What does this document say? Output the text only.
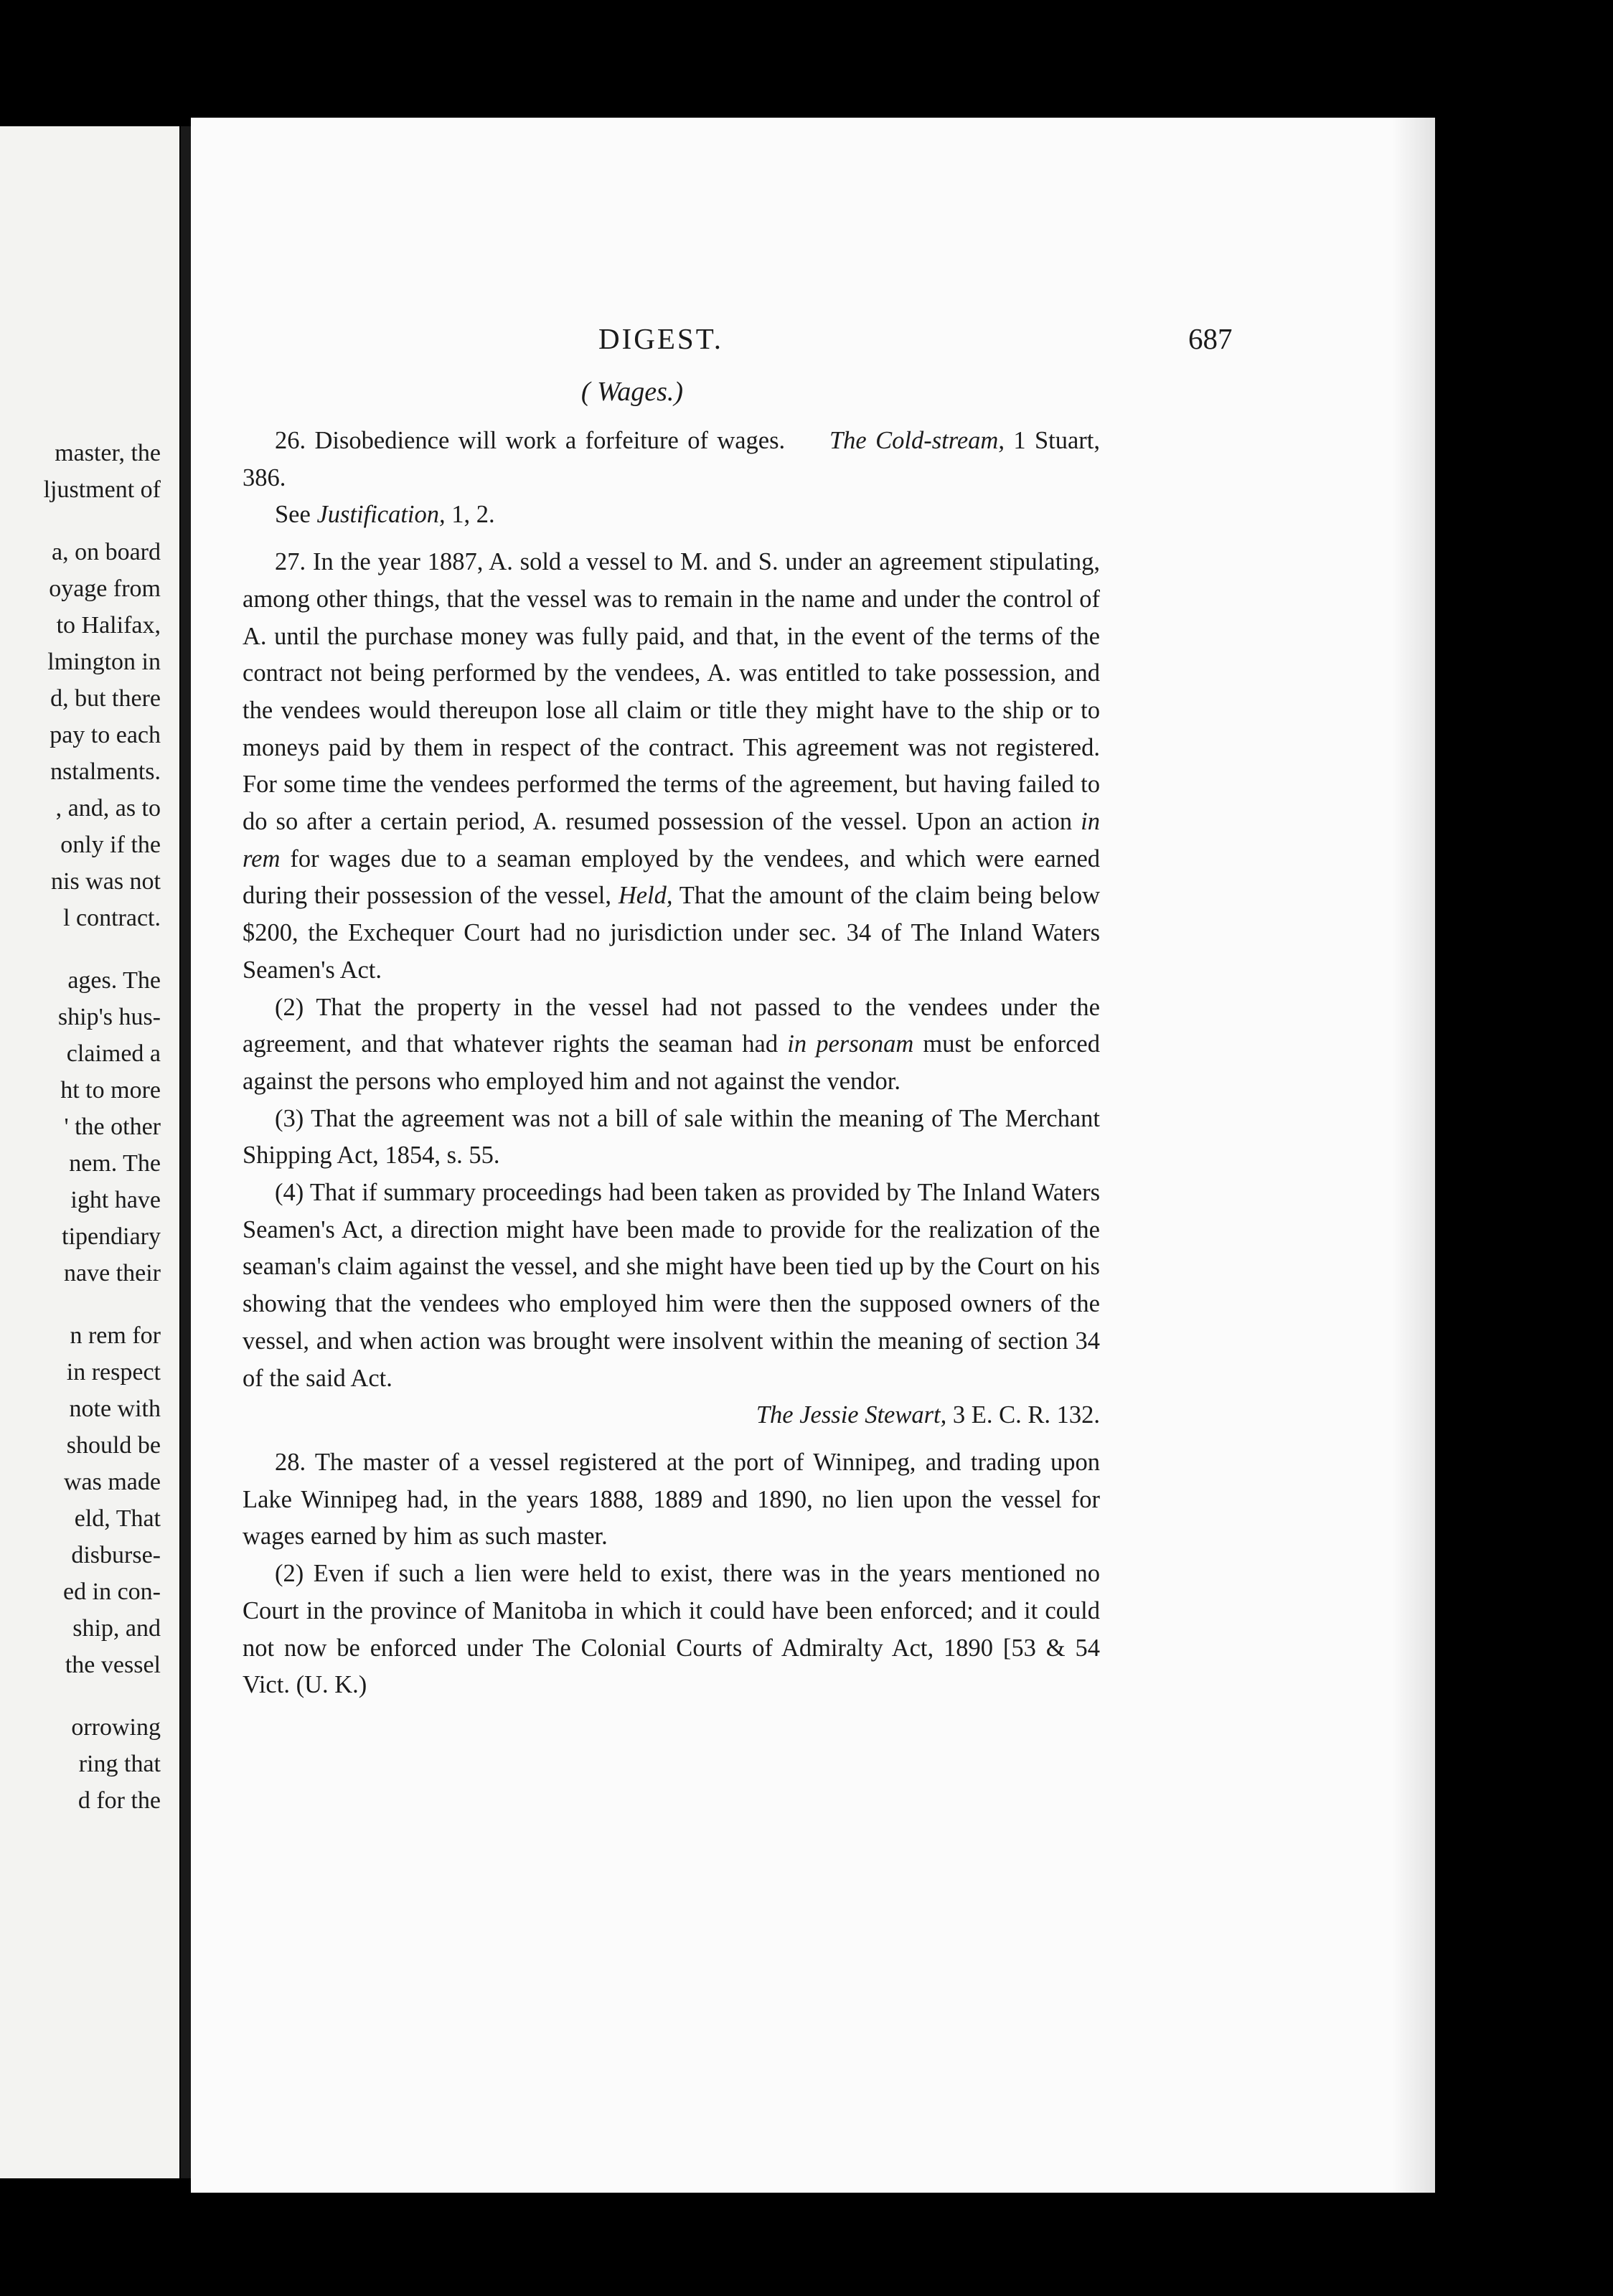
master, the
ljustment of
a, on board
oyage from
to Halifax,
lmington in
d, but there
pay to each
nstalments.
, and, as to
only if the
nis was not
l contract.
ages. The
ship's hus-
claimed a
ht to more
' the other
nem. The
ight have
tipendiary
nave their
n rem for
in respect
note with
should be
was made
eld, That
disburse-
ed in con-
ship, and
the vessel
orrowing
ring that
d for the
DIGEST.	687
( Wages.)

26. Disobedience will work a forfeiture of wages. The Cold-stream, 1 Stuart, 386.

See Justification, 1, 2.

27. In the year 1887, A. sold a vessel to M. and S. under an agreement stipulating, among other things, that the vessel was to remain in the name and under the control of A. until the purchase money was fully paid, and that, in the event of the terms of the contract not being performed by the vendees, A. was entitled to take possession, and the vendees would thereupon lose all claim or title they might have to the ship or to moneys paid by them in respect of the contract. This agreement was not registered. For some time the vendees performed the terms of the agreement, but having failed to do so after a certain period, A. resumed possession of the vessel. Upon an action in rem for wages due to a seaman employed by the vendees, and which were earned during their possession of the vessel, Held, That the amount of the claim being below $200, the Exchequer Court had no jurisdiction under sec. 34 of The Inland Waters Seamen's Act.

(2) That the property in the vessel had not passed to the vendees under the agreement, and that whatever rights the seaman had in personam must be enforced against the persons who employed him and not against the vendor.

(3) That the agreement was not a bill of sale within the meaning of The Merchant Shipping Act, 1854, s. 55.

(4) That if summary proceedings had been taken as provided by The Inland Waters Seamen's Act, a direction might have been made to provide for the realization of the seaman's claim against the vessel, and she might have been tied up by the Court on his showing that the vendees who employed him were then the supposed owners of the vessel, and when action was brought were insolvent within the meaning of section 34 of the said Act.

The Jessie Stewart, 3 E. C. R. 132.

28. The master of a vessel registered at the port of Winnipeg, and trading upon Lake Winnipeg had, in the years 1888, 1889 and 1890, no lien upon the vessel for wages earned by him as such master.

(2) Even if such a lien were held to exist, there was in the years mentioned no Court in the province of Manitoba in which it could have been enforced; and it could not now be enforced under The Colonial Courts of Admiralty Act, 1890 [53 & 54 Vict. (U. K.)
